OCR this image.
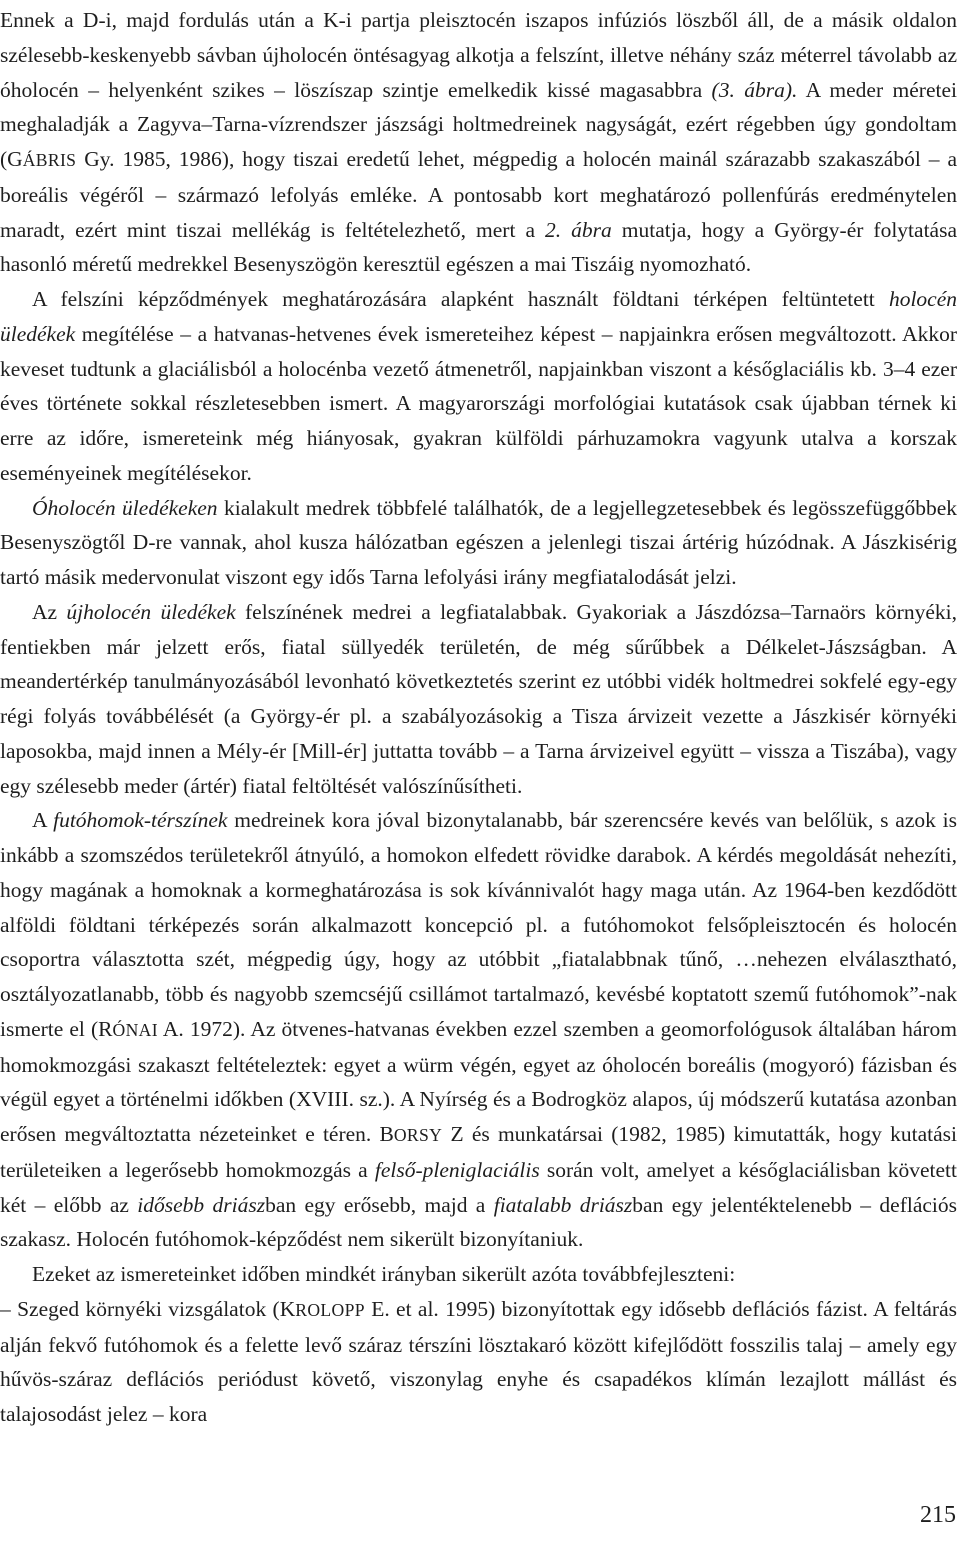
Ennek a D-i, majd fordulás után a K-i partja pleisztocén iszapos infúziós löszből áll, de a másik oldalon szélesebb-keskenyebb sávban újholocén öntésagyag alkotja a felszínt, illetve néhány száz méterrel távolabb az óholocén – helyenként szikes – löszíszap szintje emelkedik kissé magasabbra (3. ábra). A meder méretei meghaladják a Zagyva–Tarna-vízrendszer jászsági holtmedreinek nagyságát, ezért régebben úgy gondoltam (GÁBRIS Gy. 1985, 1986), hogy tiszai eredetű lehet, mégpedig a holocén mainál szárazabb szakaszából – a boreális végéről – származó lefolyás emléke. A pontosabb kort meghatározó pollenfúrás eredménytelen maradt, ezért mint tiszai mellékág is feltételezhető, mert a 2. ábra mutatja, hogy a György-ér folytatása hasonló méretű medrekkel Besenyszögön keresztül egészen a mai Tiszáig nyomozható.

A felszíni képződmények meghatározására alapként használt földtani térképen feltüntetett holocén üledékek megítélése – a hatvanas-hetvenes évek ismereteihez képest – napjainkra erősen megváltozott. Akkor keveset tudtunk a glaciálisból a holocénba vezető átmenetről, napjainkban viszont a későglaciális kb. 3–4 ezer éves története sokkal részletesebben ismert. A magyarországi morfológiai kutatások csak újabban térnek ki erre az időre, ismereteink még hiányosak, gyakran külföldi párhuzamokra vagyunk utalva a korszak eseményeinek megítélésekor.

Óholocén üledékeken kialakult medrek többfelé találhatók, de a legjellegzetesebbek és legösszefüggőbbek Besenyszögtől D-re vannak, ahol kusza hálózatban egészen a jelenlegi tiszai ártérig húzódnak. A Jászkisérig tartó másik medervonulat viszont egy idős Tarna lefolyási irány megfiatalodását jelzi.

Az újholocén üledékek felszínének medrei a legfiatalabbak. Gyakoriak a Jászdózsa–Tarnaörs környéki, fentiekben már jelzett erős, fiatal süllyedék területén, de még sűrűbbek a Délkelet-Jászságban. A meandertérkép tanulmányozásából levonható következtetés szerint ez utóbbi vidék holtmedrei sokfelé egy-egy régi folyás továbbélését (a György-ér pl. a szabályozásokig a Tisza árvizeit vezette a Jászkisér környéki laposokba, majd innen a Mély-ér [Mill-ér] juttatta tovább – a Tarna árvizeivel együtt – vissza a Tiszába), vagy egy szélesebb meder (ártér) fiatal feltöltését valószínűsítheti.

A futóhomok-térszínek medreinek kora jóval bizonytalanabb, bár szerencsére kevés van belőlük, s azok is inkább a szomszédos területekről átnyúló, a homokon elfedett rövidke darabok. A kérdés megoldását nehezíti, hogy magának a homoknak a kormeghatározása is sok kívánnivalót hagy maga után. Az 1964-ben kezdődött alföldi földtani térképezés során alkalmazott koncepció pl. a futóhomokot felsőpleisztocén és holocén csoportra választotta szét, mégpedig úgy, hogy az utóbbit „fiatalabbnak tűnő, …nehezen elválasztható, osztályozatlanabb, több és nagyobb szemcséjű csillámot tartalmazó, kevésbé koptatott szemű futóhomok”-nak ismerte el (RÓNAI A. 1972). Az ötvenes-hatvanas években ezzel szemben a geomorfológusok általában három homokmozgási szakaszt feltételeztek: egyet a würm végén, egyet az óholocén boreális (mogyoró) fázisban és végül egyet a történelmi időkben (XVIII. sz.). A Nyírség és a Bodrogköz alapos, új módszerű kutatása azonban erősen megváltoztatta nézeteinket e téren. BORSY Z és munkatársai (1982, 1985) kimutatták, hogy kutatási területeiken a legerősebb homokmozgás a felső-pleniglaciális során volt, amelyet a későglaciálisban követett két – előbb az idősebb driászban egy erősebb, majd a fiatalabb driászban egy jelentéktelenebb – deflációs szakasz. Holocén futóhomok-képződést nem sikerült bizonyítaniuk.

Ezeket az ismereteinket időben mindkét irányban sikerült azóta továbbfejleszteni:

– Szeged környéki vizsgálatok (KROLOPP E. et al. 1995) bizonyítottak egy idősebb deflációs fázist. A feltárás alján fekvő futóhomok és a felette levő száraz térszíni lösztakaró között kifejlődött fosszilis talaj – amely egy hűvös-száraz deflációs periódust követő, viszonylag enyhe és csapadékos klímán lezajlott mállást és talajosodást jelez – kora

215
